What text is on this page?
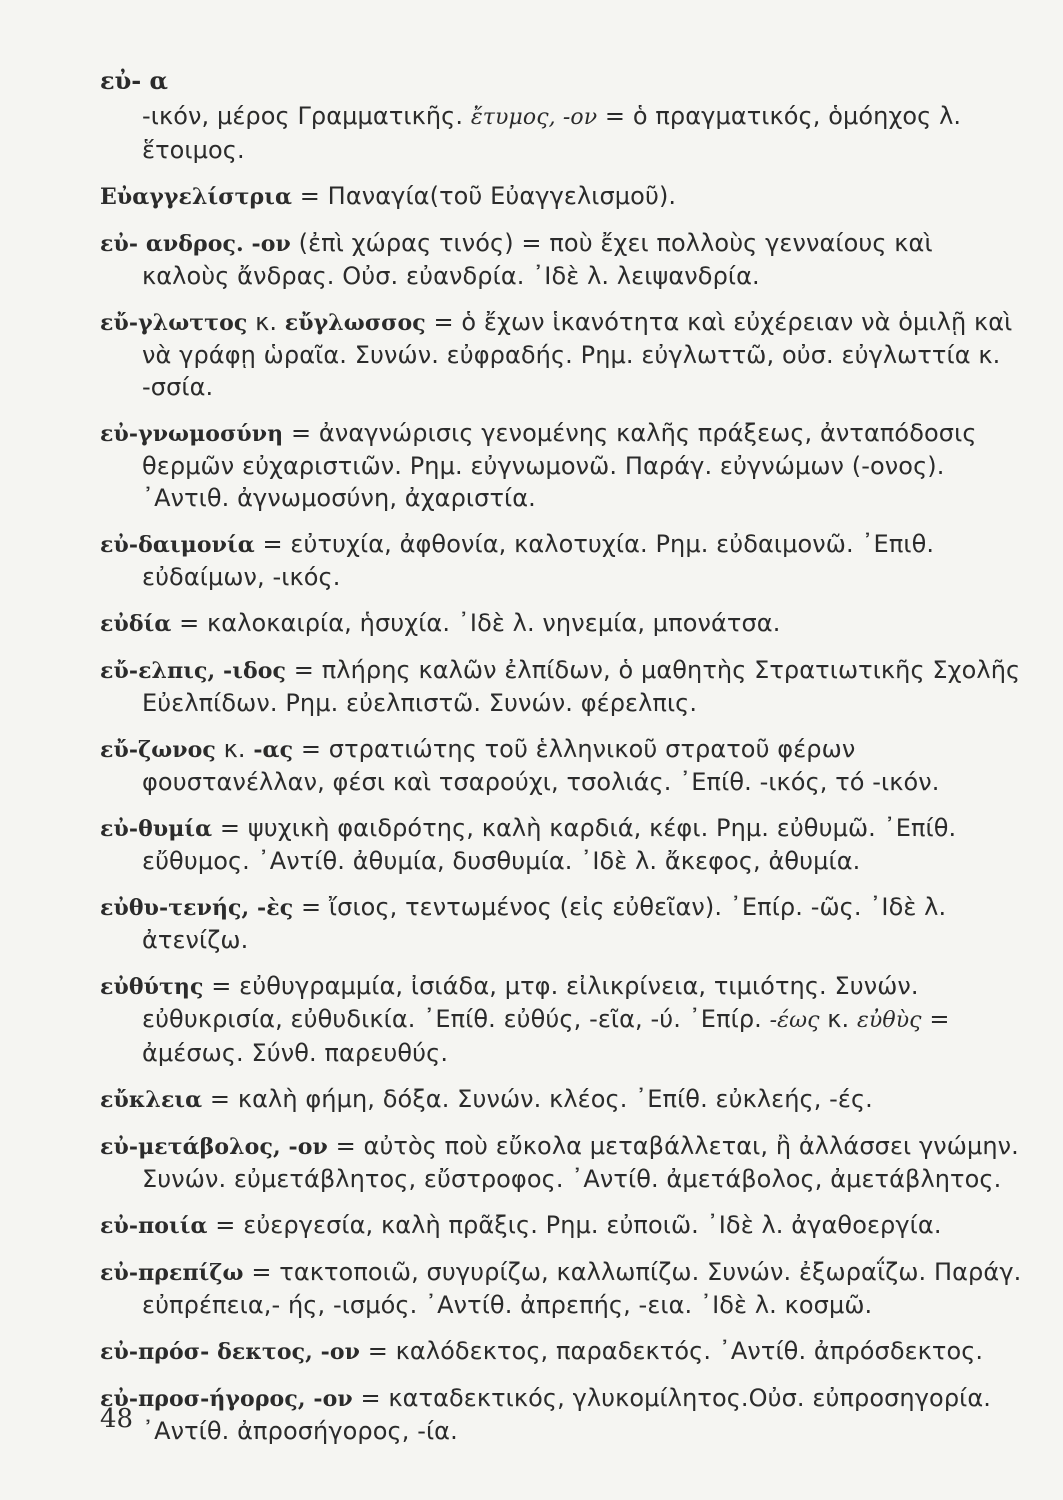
εὐ- α

-ικόν, μέρος Γραμματικῆς. ἔτυμος, -ον = ὁ πραγματικός, ὁμόηχος λ. ἕτοιμος.

Εὐαγγελίστρια = Παναγία(τοῦ Εὐαγγελισμοῦ).

εὐ- ανδρος. -ον (ἐπὶ χώρας τινός) = ποὺ ἔχει πολλοὺς γενναίους καὶ καλοὺς ἄνδρας. Οὐσ. εὐανδρία. ᾿Ιδὲ λ. λειψανδρία.

εὔ-γλωττος κ. εὔγλωσσος = ὁ ἔχων ἱκανότητα καὶ εὐχέρειαν νὰ ὁμιλῇ καὶ νὰ γράφῃ ὡραῖα. Συνών. εὐφραδής. Ρημ. εὐγλωττῶ, οὐσ. εὐγλωττία κ. -σσία.

εὐ-γνωμοσύνη = ἀναγνώρισις γενομένης καλῆς πράξεως, ἀνταπόδοσις θερμῶν εὐχαριστιῶν. Ρημ. εὐγνωμονῶ. Παράγ. εὐγνώμων (-ονος). ᾿Αντιθ. ἀγνωμοσύνη, ἀχαριστία.

εὐ-δαιμονία = εὐτυχία, ἀφθονία, καλοτυχία. Ρημ. εὐδαιμονῶ. ᾿Επιθ. εὐδαίμων, -ικός.

εὐδία = καλοκαιρία, ἡσυχία. ᾿Ιδὲ λ. νηνεμία, μπονάτσα.

εὔ-ελπις, -ιδος = πλήρης καλῶν ἐλπίδων, ὁ μαθητὴς Στρατιωτικῆς Σχολῆς Εὐελπίδων. Ρημ. εὐελπιστῶ. Συνών. φέρελπις.

εὔ-ζωνος κ. -ας = στρατιώτης τοῦ ἑλληνικοῦ στρατοῦ φέρων φουστανέλλαν, φέσι καὶ τσαρούχι, τσολιάς. ᾿Επίθ. -ικός, τό -ικόν.

εὐ-θυμία = ψυχικὴ φαιδρότης, καλὴ καρδιά, κέφι. Ρημ. εὐθυμῶ. ᾿Επίθ. εὔθυμος. ᾿Αντίθ. ἀθυμία, δυσθυμία. ᾿Ιδὲ λ. ἄκεφος, ἀθυμία.

εὐθυ-τενής, -ὲς = ἴσιος, τεντωμένος (εἰς εὐθεῖαν). ᾿Επίρ. -ῶς. ᾿Ιδὲ λ. ἀτενίζω.

εὐθύτης = εὐθυγραμμία, ἰσιάδα, μτφ. εἰλικρίνεια, τιμιότης. Συνών. εὐθυκρισία, εὐθυδικία. ᾿Επίθ. εὐθύς, -εῖα, -ύ. ᾿Επίρ. -έως κ. εὐθὺς = ἀμέσως. Σύνθ. παρευθύς.

εὔκλεια = καλὴ φήμη, δόξα. Συνών. κλέος. ᾿Επίθ. εὐκλεής, -ές.

εὐ-μετάβολος, -ον = αὐτὸς ποὺ εὔκολα μεταβάλλεται, ἢ ἀλλάσσει γνώμην. Συνών. εὐμετάβλητος, εὔστροφος. ᾿Αντίθ. ἀμετάβολος, ἀμετάβλητος.

εὐ-ποιία = εὐεργεσία, καλὴ πρᾶξις. Ρημ. εὐποιῶ. ᾿Ιδὲ λ. ἀγαθοεργία.

εὐ-πρεπίζω = τακτοποιῶ, συγυρίζω, καλλωπίζω. Συνών. ἐξωραΐζω. Παράγ. εὐπρέπεια,- ής, -ισμός. ᾿Αντίθ. ἀπρεπής, -εια. ᾿Ιδὲ λ. κοσμῶ.

εὐ-πρόσ- δεκτος, -ον = καλόδεκτος, παραδεκτός. ᾿Αντίθ. ἀπρόσδεκτος.

εὐ-προσ-ήγορος, -ον = καταδεκτικός, γλυκομίλητος.Οὐσ. εὐπροσηγορία. ᾿Αντίθ. ἀπροσήγορος, -ία.

48
